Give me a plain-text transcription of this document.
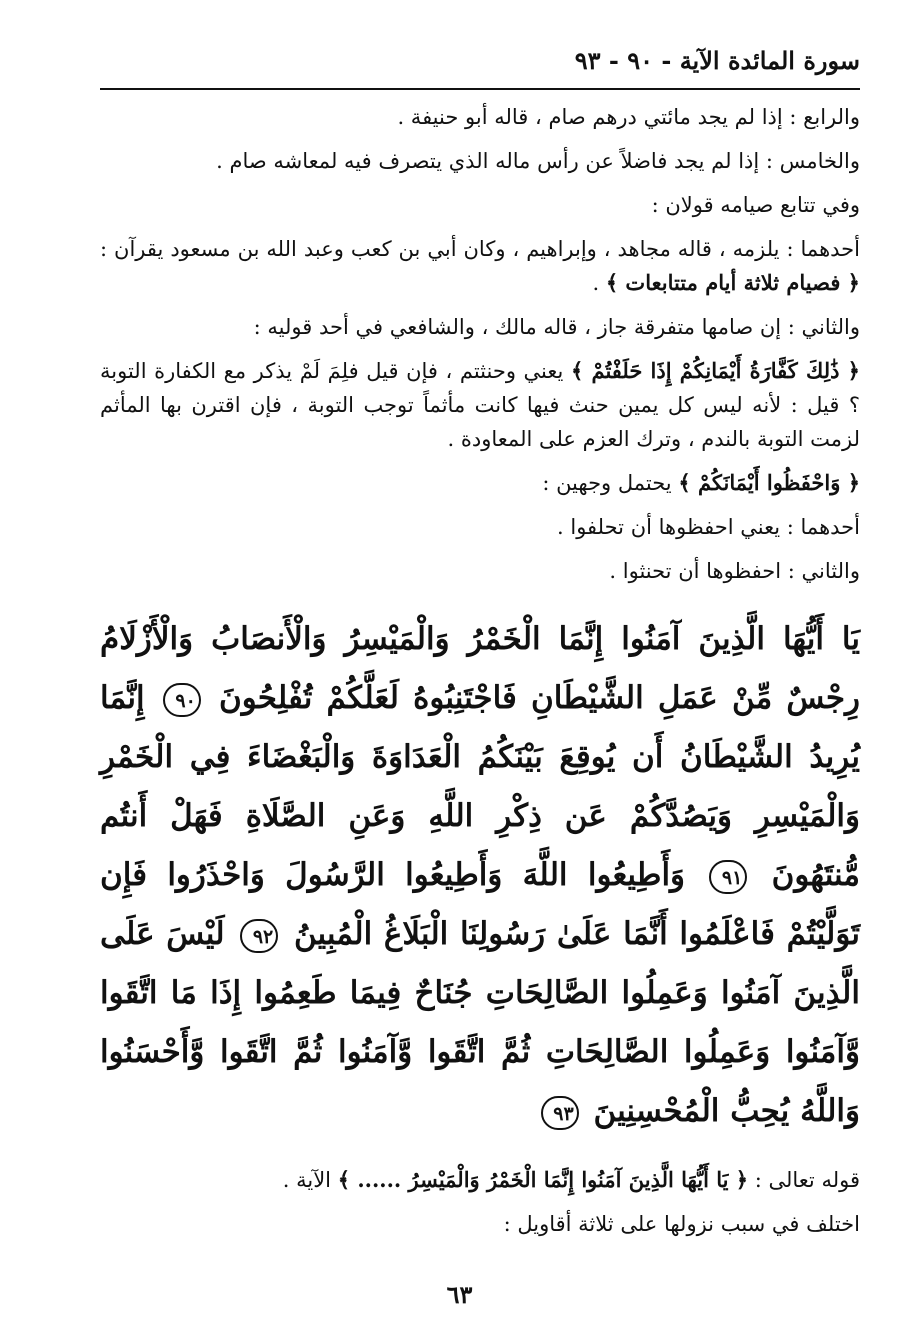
سورة المائدة الآية - ٩٠ - ٩٣

والرابع : إذا لم يجد مائتي درهم صام ، قاله أبو حنيفة .

والخامس : إذا لم يجد فاضلاً عن رأس ماله الذي يتصرف فيه لمعاشه صام .

وفي تتابع صيامه قولان :

أحدهما : يلزمه ، قاله مجاهد ، وإبراهيم ، وكان أبي بن كعب وعبد الله بن مسعود يقرآن : ﴿ فصيام ثلاثة أيام متتابعات ﴾ .

والثاني : إن صامها متفرقة جاز ، قاله مالك ، والشافعي في أحد قوليه :

﴿ ذَٰلِكَ كَفَّارَةُ أَيْمَانِكُمْ إِذَا حَلَفْتُمْ ﴾ يعني وحنثتم ، فإن قيل فلِمَ لَمْ يذكر مع الكفارة التوبة ؟ قيل : لأنه ليس كل يمين حنث فيها كانت مأثماً توجب التوبة ، فإن اقترن بها المأثم لزمت التوبة بالندم ، وترك العزم على المعاودة .

﴿ وَاحْفَظُوا أَيْمَانَكُمْ ﴾ يحتمل وجهين :

أحدهما : يعني احفظوها أن تحلفوا .

والثاني : احفظوها أن تحنثوا .

يَا أَيُّهَا الَّذِينَ آمَنُوا إِنَّمَا الْخَمْرُ وَالْمَيْسِرُ وَالْأَنصَابُ وَالْأَزْلَامُ رِجْسٌ مِّنْ عَمَلِ الشَّيْطَانِ فَاجْتَنِبُوهُ لَعَلَّكُمْ تُفْلِحُونَ ٩٠ إِنَّمَا يُرِيدُ الشَّيْطَانُ أَن يُوقِعَ بَيْنَكُمُ الْعَدَاوَةَ وَالْبَغْضَاءَ فِي الْخَمْرِ وَالْمَيْسِرِ وَيَصُدَّكُمْ عَن ذِكْرِ اللَّهِ وَعَنِ الصَّلَاةِ فَهَلْ أَنتُم مُّنتَهُونَ ٩١ وَأَطِيعُوا اللَّهَ وَأَطِيعُوا الرَّسُولَ وَاحْذَرُوا فَإِن تَوَلَّيْتُمْ فَاعْلَمُوا أَنَّمَا عَلَىٰ رَسُولِنَا الْبَلَاغُ الْمُبِينُ ٩٢ لَيْسَ عَلَى الَّذِينَ آمَنُوا وَعَمِلُوا الصَّالِحَاتِ جُنَاحٌ فِيمَا طَعِمُوا إِذَا مَا اتَّقَوا وَّآمَنُوا وَعَمِلُوا الصَّالِحَاتِ ثُمَّ اتَّقَوا وَّآمَنُوا ثُمَّ اتَّقَوا وَّأَحْسَنُوا وَاللَّهُ يُحِبُّ الْمُحْسِنِينَ ٩٣

قوله تعالى : ﴿ يَا أَيُّهَا الَّذِينَ آمَنُوا إِنَّمَا الْخَمْرُ وَالْمَيْسِرُ ...... ﴾ الآية .

اختلف في سبب نزولها على ثلاثة أقاويل :

٦٣
